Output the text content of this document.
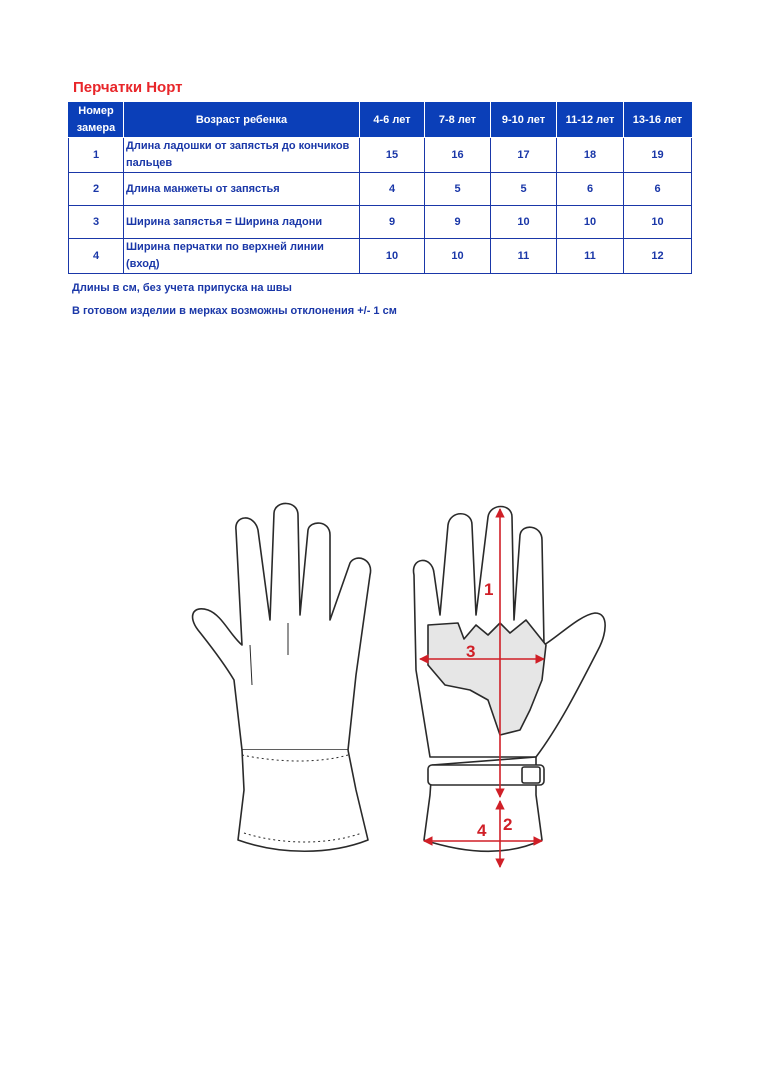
Перчатки Норт
Номер замера	Возраст ребенка	4-6 лет	7-8 лет	9-10 лет	11-12 лет	13-16 лет
1	Длина ладошки от запястья до кончиков пальцев	15	16	17	18	19
2	Длина манжеты от запястья	4	5	5	6	6
3	Ширина запястья = Ширина ладони	9	9	10	10	10
4	Ширина перчатки по верхней линии (вход)	10	10	11	11	12
Длины в см, без учета припуска на швы
В готовом изделии в мерках возможны отклонения +/- 1 см
1
2
3
4
